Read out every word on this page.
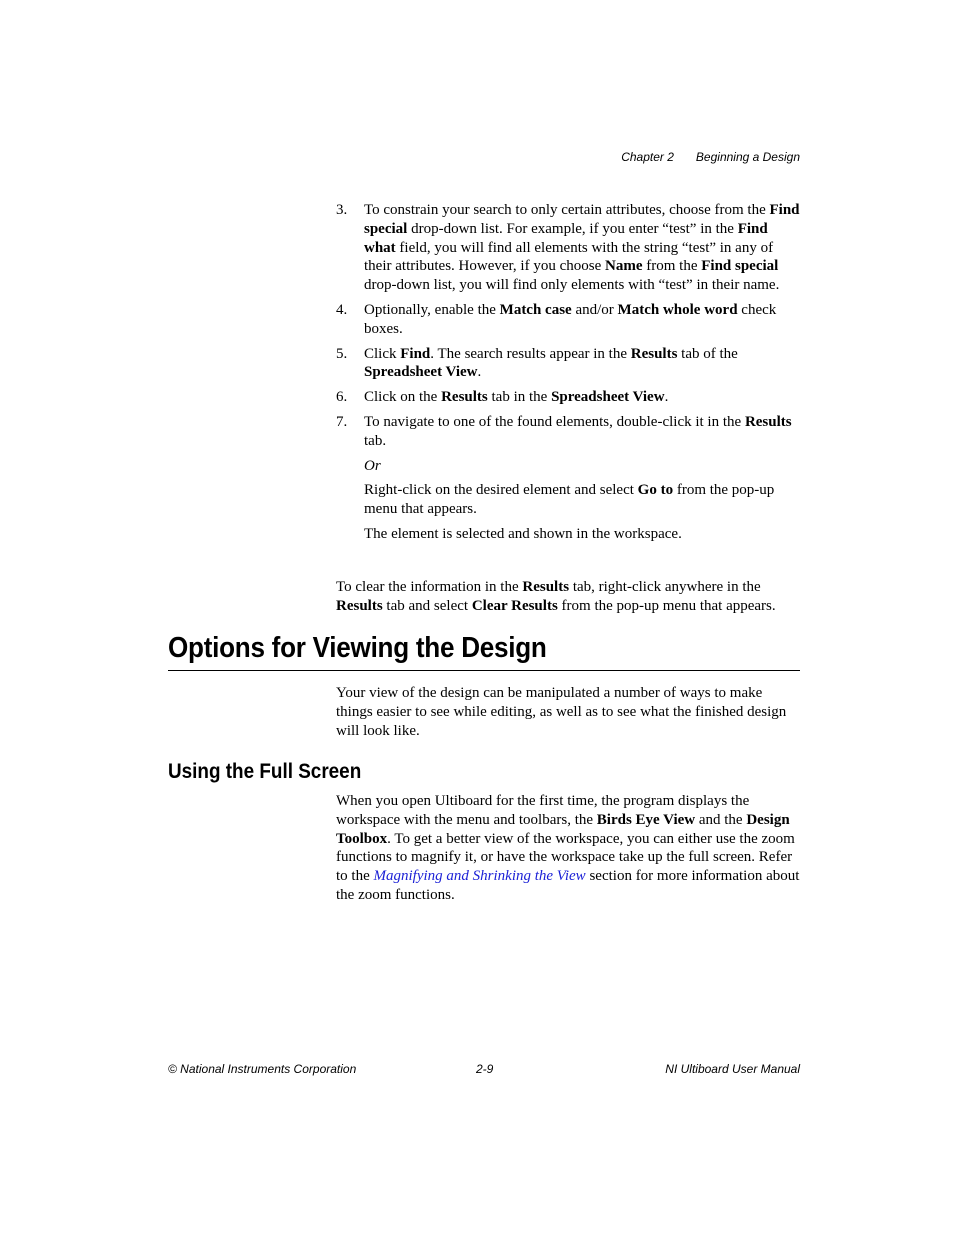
Chapter 2 Beginning a Design
3. To constrain your search to only certain attributes, choose from the Find special drop-down list. For example, if you enter “test” in the Find what field, you will find all elements with the string “test” in any of their attributes. However, if you choose Name from the Find special drop-down list, you will find only elements with “test” in their name.
4. Optionally, enable the Match case and/or Match whole word check boxes.
5. Click Find. The search results appear in the Results tab of the Spreadsheet View.
6. Click on the Results tab in the Spreadsheet View.
7. To navigate to one of the found elements, double-click it in the Results tab.

Or

Right-click on the desired element and select Go to from the pop-up menu that appears.

The element is selected and shown in the workspace.

To clear the information in the Results tab, right-click anywhere in the Results tab and select Clear Results from the pop-up menu that appears.

Options for Viewing the Design

Your view of the design can be manipulated a number of ways to make things easier to see while editing, as well as to see what the finished design will look like.

Using the Full Screen

When you open Ultiboard for the first time, the program displays the workspace with the menu and toolbars, the Birds Eye View and the Design Toolbox. To get a better view of the workspace, you can either use the zoom functions to magnify it, or have the workspace take up the full screen. Refer to the Magnifying and Shrinking the View section for more information about the zoom functions.

© National Instruments Corporation	2-9	NI Ultiboard User Manual
